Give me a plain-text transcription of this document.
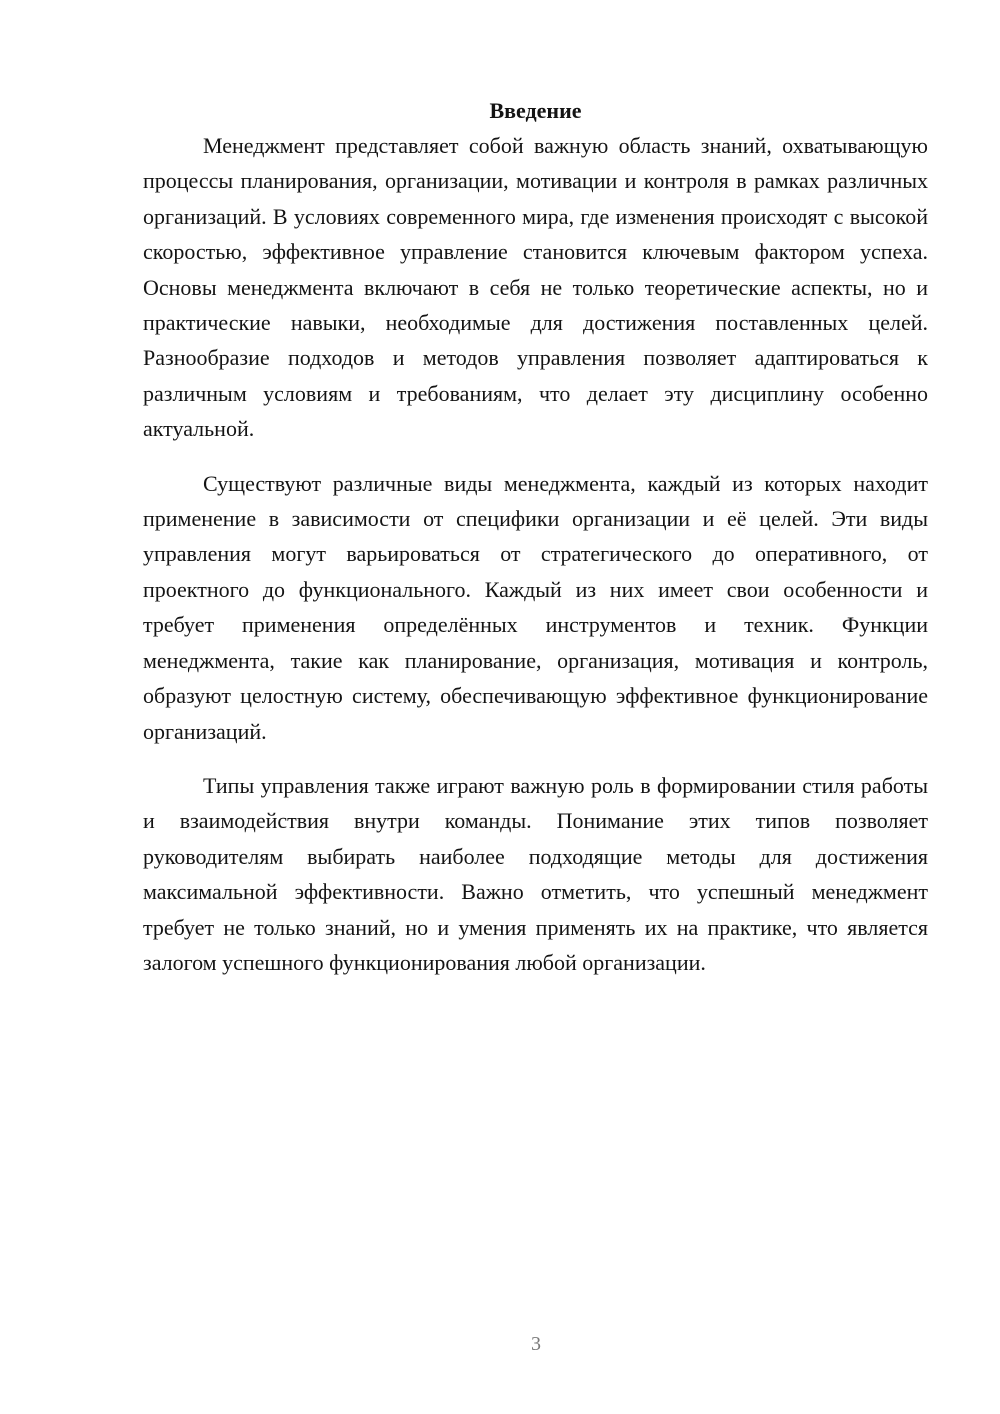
Введение

Менеджмент представляет собой важную область знаний, охватывающую процессы планирования, организации, мотивации и контроля в рамках различных организаций. В условиях современного мира, где изменения происходят с высокой скоростью, эффективное управление становится ключевым фактором успеха. Основы менеджмента включают в себя не только теоретические аспекты, но и практические навыки, необходимые для достижения поставленных целей. Разнообразие подходов и методов управления позволяет адаптироваться к различным условиям и требованиям, что делает эту дисциплину особенно актуальной.

Существуют различные виды менеджмента, каждый из которых находит применение в зависимости от специфики организации и её целей. Эти виды управления могут варьироваться от стратегического до оперативного, от проектного до функционального. Каждый из них имеет свои особенности и требует применения определённых инструментов и техник. Функции менеджмента, такие как планирование, организация, мотивация и контроль, образуют целостную систему, обеспечивающую эффективное функционирование организаций.

Типы управления также играют важную роль в формировании стиля работы и взаимодействия внутри команды. Понимание этих типов позволяет руководителям выбирать наиболее подходящие методы для достижения максимальной эффективности. Важно отметить, что успешный менеджмент требует не только знаний, но и умения применять их на практике, что является залогом успешного функционирования любой организации.

3
